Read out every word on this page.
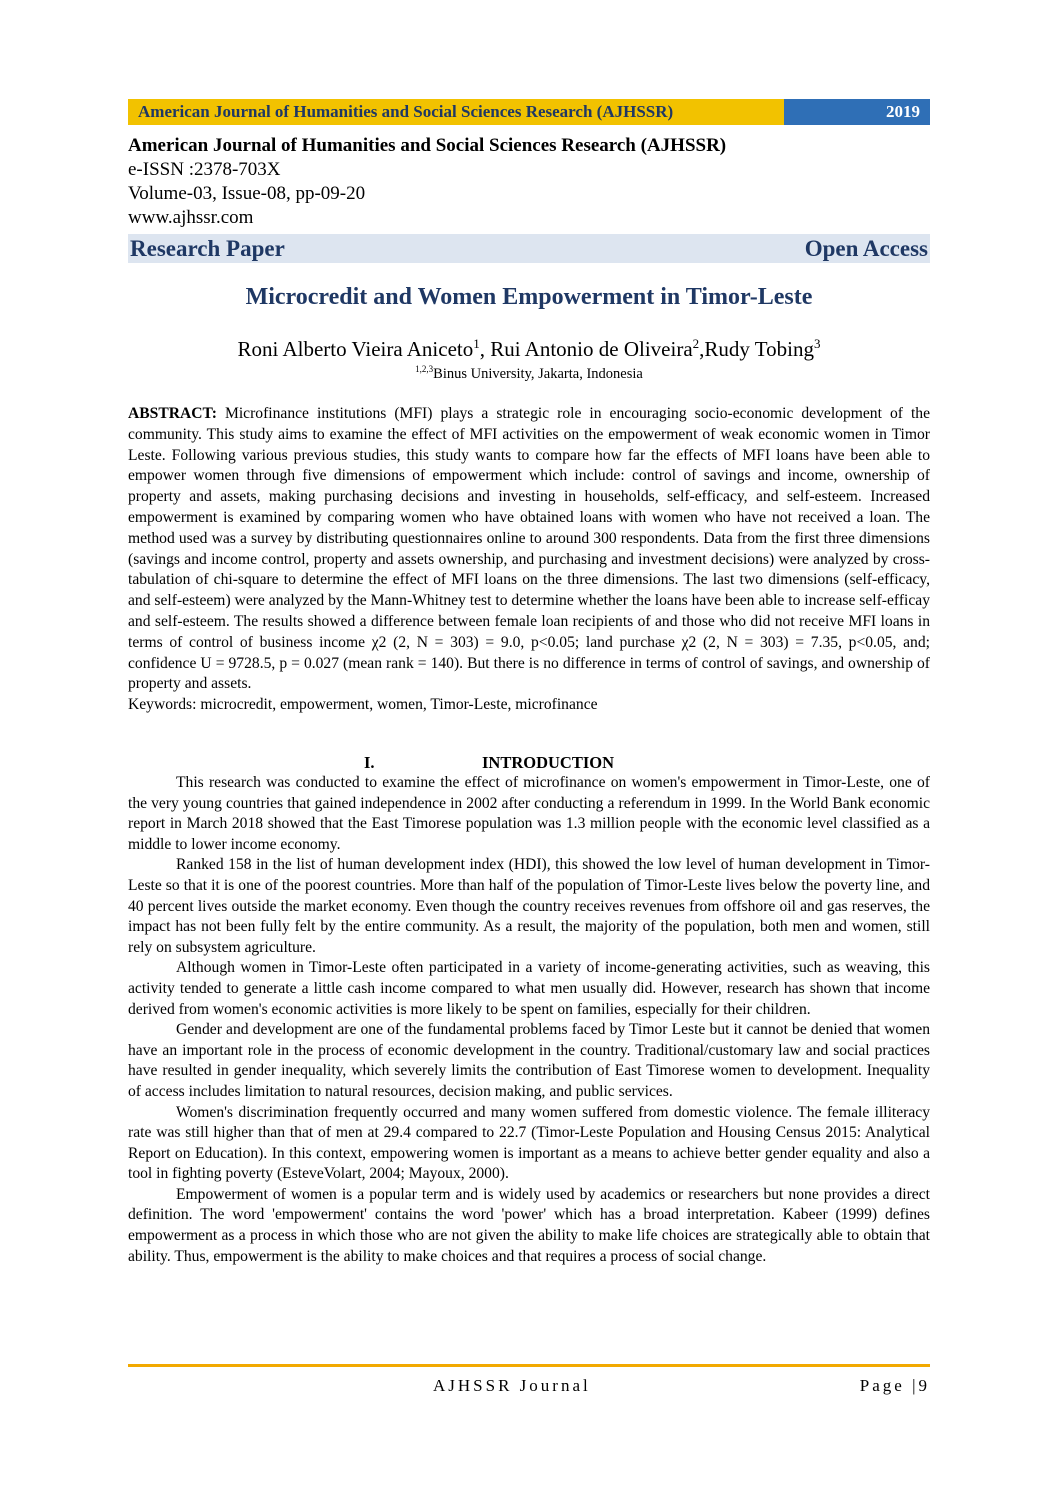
American Journal of Humanities and Social Sciences Research (AJHSSR)	2019
American Journal of Humanities and Social Sciences Research (AJHSSR)
e-ISSN :2378-703X
Volume-03, Issue-08, pp-09-20
www.ajhssr.com
Research Paper	Open Access
Microcredit and Women Empowerment in Timor-Leste
Roni Alberto Vieira Aniceto$^1$, Rui Antonio de Oliveira$^2$,Rudy Tobing$^3$
$^{1,2,3}$Binus University, Jakarta, Indonesia
ABSTRACT: Microfinance institutions (MFI) plays a strategic role in encouraging socio-economic development of the community. This study aims to examine the effect of MFI activities on the empowerment of weak economic women in Timor Leste. Following various previous studies, this study wants to compare how far the effects of MFI loans have been able to empower women through five dimensions of empowerment which include: control of savings and income, ownership of property and assets, making purchasing decisions and investing in households, self-efficacy, and self-esteem. Increased empowerment is examined by comparing women who have obtained loans with women who have not received a loan. The method used was a survey by distributing questionnaires online to around 300 respondents. Data from the first three dimensions (savings and income control, property and assets ownership, and purchasing and investment decisions) were analyzed by cross-tabulation of chi-square to determine the effect of MFI loans on the three dimensions. The last two dimensions (self-efficacy, and self-esteem) were analyzed by the Mann-Whitney test to determine whether the loans have been able to increase self-efficay and self-esteem. The results showed a difference between female loan recipients of and those who did not receive MFI loans in terms of control of business income χ2 (2, N = 303) = 9.0, p<0.05; land purchase χ2 (2, N = 303) = 7.35, p<0.05, and; confidence U = 9728.5, p = 0.027 (mean rank = 140). But there is no difference in terms of control of savings, and ownership of property and assets.
Keywords: microcredit, empowerment, women, Timor-Leste, microfinance
I.	INTRODUCTION

This research was conducted to examine the effect of microfinance on women's empowerment in Timor-Leste, one of the very young countries that gained independence in 2002 after conducting a referendum in 1999. In the World Bank economic report in March 2018 showed that the East Timorese population was 1.3 million people with the economic level classified as a middle to lower income economy.

Ranked 158 in the list of human development index (HDI), this showed the low level of human development in Timor-Leste so that it is one of the poorest countries. More than half of the population of Timor-Leste lives below the poverty line, and 40 percent lives outside the market economy. Even though the country receives revenues from offshore oil and gas reserves, the impact has not been fully felt by the entire community. As a result, the majority of the population, both men and women, still rely on subsystem agriculture.

Although women in Timor-Leste often participated in a variety of income-generating activities, such as weaving, this activity tended to generate a little cash income compared to what men usually did. However, research has shown that income derived from women's economic activities is more likely to be spent on families, especially for their children.

Gender and development are one of the fundamental problems faced by Timor Leste but it cannot be denied that women have an important role in the process of economic development in the country. Traditional/customary law and social practices have resulted in gender inequality, which severely limits the contribution of East Timorese women to development. Inequality of access includes limitation to natural resources, decision making, and public services.

Women's discrimination frequently occurred and many women suffered from domestic violence. The female illiteracy rate was still higher than that of men at 29.4 compared to 22.7 (Timor-Leste Population and Housing Census 2015: Analytical Report on Education). In this context, empowering women is important as a means to achieve better gender equality and also a tool in fighting poverty (EsteveVolart, 2004; Mayoux, 2000).

Empowerment of women is a popular term and is widely used by academics or researchers but none provides a direct definition. The word 'empowerment' contains the word 'power' which has a broad interpretation. Kabeer (1999) defines empowerment as a process in which those who are not given the ability to make life choices are strategically able to obtain that ability. Thus, empowerment is the ability to make choices and that requires a process of social change.

AJHSSR Journal	Page |9
